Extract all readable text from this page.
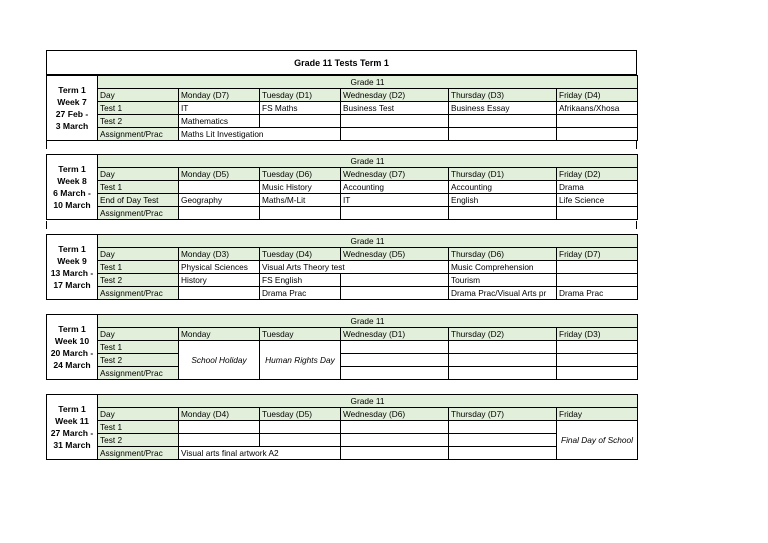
Grade 11 Tests Term 1
Term 1
Week 7
27 Feb -
3 March	Grade 11					
	Day	Monday (D7)	Tuesday (D1)	Wednesday (D2)	Thursday (D3)	Friday (D4)
	Test 1	IT	FS Maths	Business Test	Business Essay	Afrikaans/Xhosa
	Test 2	Mathematics				
	Assignment/Prac	Maths Lit Investigation				
Term 1
Week 8
6 March -
10 March	Grade 11					
	Day	Monday (D5)	Tuesday (D6)	Wednesday (D7)	Thursday (D1)	Friday (D2)
	Test 1		Music History	Accounting	Accounting	Drama
	End of Day Test	Geography	Maths/M-Lit	IT	English	Life Science
	Assignment/Prac					
Term 1
Week 9
13 March -
17 March	Grade 11					
	Day	Monday (D3)	Tuesday (D4)	Wednesday (D5)	Thursday (D6)	Friday (D7)
	Test 1	Physical Sciences	Visual Arts Theory test		Music Comprehension	
	Test 2	History	FS English		Tourism	
	Assignment/Prac		Drama Prac		Drama Prac/Visual Arts pr	Drama Prac
Term 1
Week 10
20 March -
24 March	Grade 11					
	Day	Monday	Tuesday	Wednesday (D1)	Thursday (D2)	Friday (D3)
	Test 1	School Holiday	Human Rights Day			
	Test 2					
	Assignment/Prac					
Term 1
Week 11
27 March -
31 March	Grade 11					
	Day	Monday (D4)	Tuesday (D5)	Wednesday (D6)	Thursday (D7)	Friday
	Test 1					Final Day of School
	Test 2					
	Assignment/Prac	Visual arts final artwork A2				
